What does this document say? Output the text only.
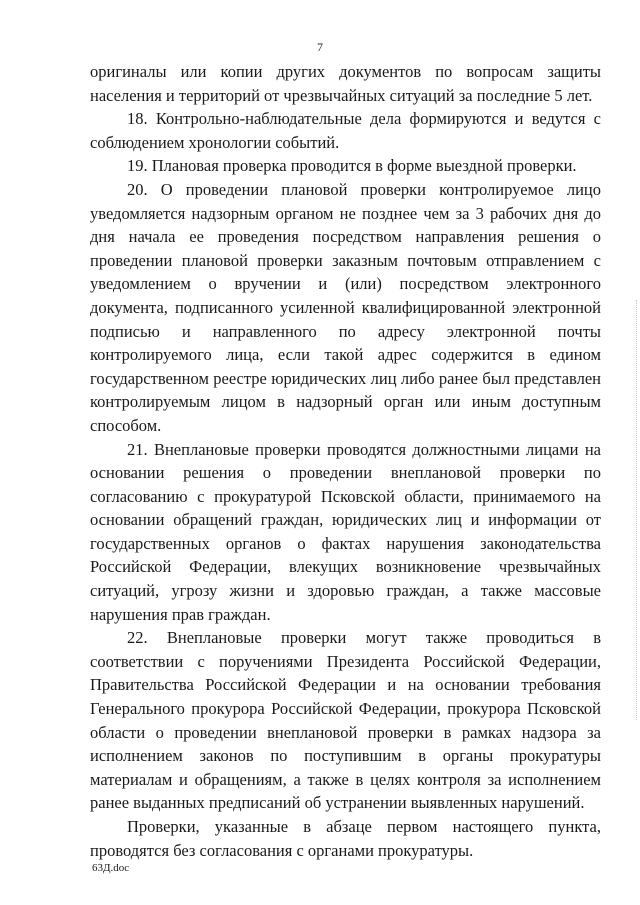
7

оригиналы или копии других документов по вопросам защиты населения и территорий от чрезвычайных ситуаций за последние 5 лет.

18. Контрольно-наблюдательные дела формируются и ведутся с соблюдением хронологии событий.

19. Плановая проверка проводится в форме выездной проверки.

20. О проведении плановой проверки контролируемое лицо уведомляется надзорным органом не позднее чем за 3 рабочих дня до дня начала ее проведения посредством направления решения о проведении плановой проверки заказным почтовым отправлением с уведомлением о вручении и (или) посредством электронного документа, подписанного усиленной квалифицированной электронной подписью и направленного по адресу электронной почты контролируемого лица, если такой адрес содержится в едином государственном реестре юридических лиц либо ранее был представлен контролируемым лицом в надзорный орган или иным доступным способом.

21. Внеплановые проверки проводятся должностными лицами на основании решения о проведении внеплановой проверки по согласованию с прокуратурой Псковской области, принимаемого на основании обращений граждан, юридических лиц и информации от государственных органов о фактах нарушения законодательства Российской Федерации, влекущих возникновение чрезвычайных ситуаций, угрозу жизни и здоровью граждан, а также массовые нарушения прав граждан.

22. Внеплановые проверки могут также проводиться в соответствии с поручениями Президента Российской Федерации, Правительства Российской Федерации и на основании требования Генерального прокурора Российской Федерации, прокурора Псковской области о проведении внеплановой проверки в рамках надзора за исполнением законов по поступившим в органы прокуратуры материалам и обращениям, а также в целях контроля за исполнением ранее выданных предписаний об устранении выявленных нарушений.

Проверки, указанные в абзаце первом настоящего пункта, проводятся без согласования с органами прокуратуры.

63Д.doc
